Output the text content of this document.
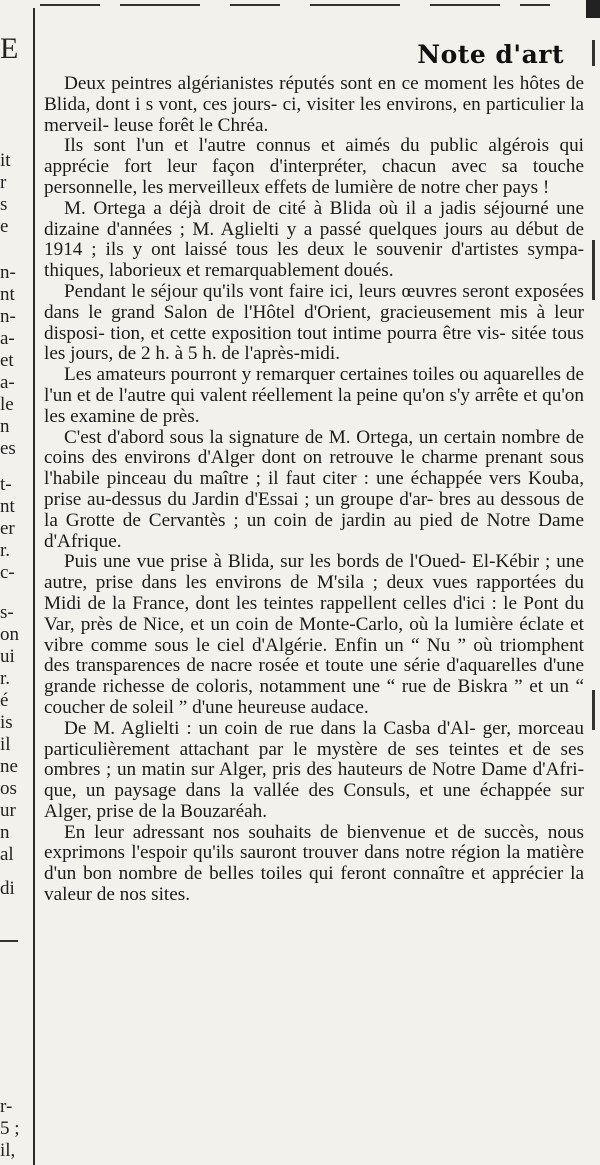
E
it
r
s
e
n-
nt
n-
a-
et
a-
le
n
es
t-
nt
er
r.
c-
s-
on
ui
r.
é
is
il
ne
os
ur
n
al
di
r-
5 ;
il,
Note d'art

Deux peintres algérianistes réputés sont en ce moment les hôtes de Blida, dont i s vont, ces jours- ci, visiter les environs, en particulier la merveil- leuse forêt le Chréa.

Ils sont l'un et l'autre connus et aimés du public algérois qui apprécie fort leur façon d'interpréter, chacun avec sa touche personnelle, les merveilleux effets de lumière de notre cher pays !

M. Ortega a déjà droit de cité à Blida où il a jadis séjourné une dizaine d'années ; M. Aglielti y a passé quelques jours au début de 1914 ; ils y ont laissé tous les deux le souvenir d'artistes sympa- thiques, laborieux et remarquablement doués.

Pendant le séjour qu'ils vont faire ici, leurs œuvres seront exposées dans le grand Salon de l'Hôtel d'Orient, gracieusement mis à leur disposi- tion, et cette exposition tout intime pourra être vis- sitée tous les jours, de 2 h. à 5 h. de l'après-midi.

Les amateurs pourront y remarquer certaines toiles ou aquarelles de l'un et de l'autre qui valent réellement la peine qu'on s'y arrête et qu'on les examine de près.

C'est d'abord sous la signature de M. Ortega, un certain nombre de coins des environs d'Alger dont on retrouve le charme prenant sous l'habile pinceau du maître ; il faut citer : une échappée vers Kouba, prise au-dessus du Jardin d'Essai ; un groupe d'ar- bres au dessous de la Grotte de Cervantès ; un coin de jardin au pied de Notre Dame d'Afrique.

Puis une vue prise à Blida, sur les bords de l'Oued- El-Kébir ; une autre, prise dans les environs de M'sila ; deux vues rapportées du Midi de la France, dont les teintes rappellent celles d'ici : le Pont du Var, près de Nice, et un coin de Monte-Carlo, où la lumière éclate et vibre comme sous le ciel d'Algérie. Enfin un “ Nu ” où triomphent des transparences de nacre rosée et toute une série d'aquarelles d'une grande richesse de coloris, notamment une “ rue de Biskra ” et un “ coucher de soleil ” d'une heureuse audace.

De M. Aglielti : un coin de rue dans la Casba d'Al- ger, morceau particulièrement attachant par le mystère de ses teintes et de ses ombres ; un matin sur Alger, pris des hauteurs de Notre Dame d'Afri- que, un paysage dans la vallée des Consuls, et une échappée sur Alger, prise de la Bouzaréah.

En leur adressant nos souhaits de bienvenue et de succès, nous exprimons l'espoir qu'ils sauront trouver dans notre région la matière d'un bon nombre de belles toiles qui feront connaître et apprécier la valeur de nos sites.
